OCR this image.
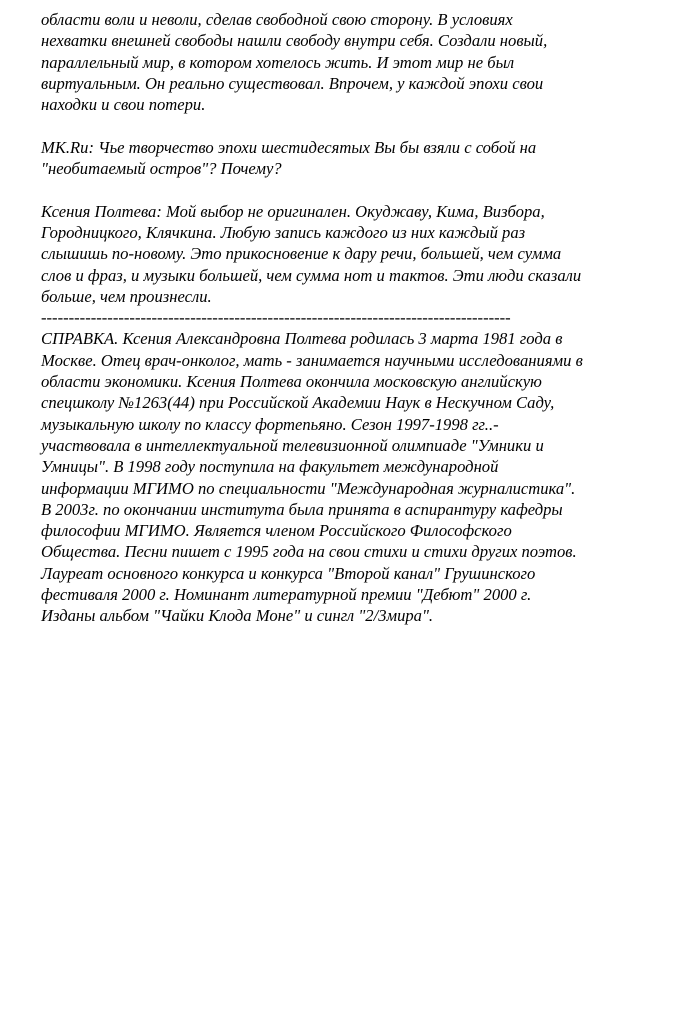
области воли и неволи, сделав свободной свою сторону. В условиях
нехватки внешней свободы нашли свободу внутри себя. Создали новый,
параллельный мир, в котором хотелось жить. И этот мир не был
виртуальным. Он реально существовал. Впрочем, у каждой эпохи свои
находки и свои потери.
MK.Ru: Чье творчество эпохи шестидесятых Вы бы взяли с собой на
"необитаемый остров"? Почему?
Ксения Полтева: Мой выбор не оригинален. Окуджаву, Кима, Визбора,
Городницкого, Клячкина. Любую запись каждого из них каждый раз
слышишь по-новому. Это прикосновение к дару речи, большей, чем сумма
слов и фраз, и музыки большей, чем сумма нот и тактов. Эти люди сказали
больше, чем произнесли.
-------------------------------------------------------------------------------------
СПРАВКА. Ксения Александровна Полтева родилась 3 марта 1981 года в
Москве. Отец врач-онколог, мать - занимается научными исследованиями в
области экономики. Ксения Полтева окончила московскую английскую
спецшколу №1263(44) при Российской Академии Наук в Нескучном Саду,
музыкальную школу по классу фортепьяно. Сезон 1997-1998 гг..-
участвовала в интеллектуальной телевизионной олимпиаде "Умники и
Умницы". В 1998 году поступила на факультет международной
информации МГИМО по специальности "Международная журналистика".
В 2003г. по окончании института была принята в аспирантуру кафедры
философии МГИМО. Является членом Российского Философского
Общества. Песни пишет с 1995 года на свои стихи и стихи других поэтов.
Лауреат основного конкурса и конкурса "Второй канал" Грушинского
фестиваля 2000 г. Номинант литературной премии "Дебют" 2000 г.
Изданы альбом "Чайки Клода Моне" и сингл "2/3мира".
